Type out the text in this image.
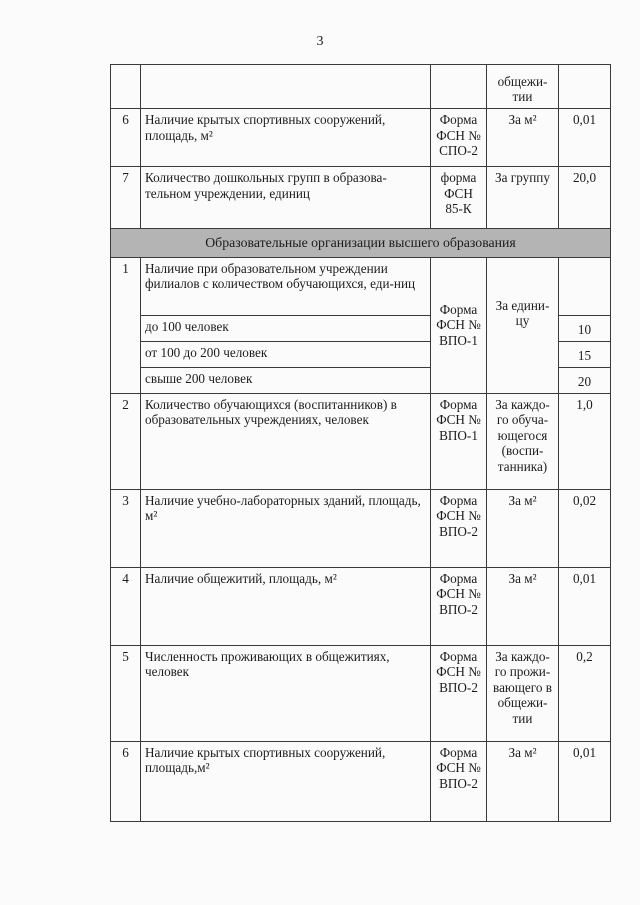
3
			общежи-тии	
6	Наличие крытых спортивных сооружений, площадь, м²	Форма ФСН № СПО-2	За м²	0,01
7	Количество дошкольных групп в образова-тельном учреждении, единиц	форма ФСН 85-К	За группу	20,0
Образовательные организации высшего образования				
1	Наличие при образовательном учреждении филиалов с количеством обучающихся, еди-ниц	Форма ФСН № ВПО-1	За едини-цу	
	до 100 человек			10
	от 100 до 200 человек			15
	свыше 200 человек			20
2	Количество обучающихся (воспитанников) в образовательных учреждениях, человек	Форма ФСН № ВПО-1	За каждо-го обуча-ющегося (воспи-танника)	1,0
3	Наличие учебно-лабораторных зданий, площадь, м²	Форма ФСН № ВПО-2	За м²	0,02
4	Наличие общежитий, площадь, м²	Форма ФСН № ВПО-2	За м²	0,01
5	Численность проживающих в общежитиях, человек	Форма ФСН № ВПО-2	За каждо-го прожи-вающего в общежи-тии	0,2
6	Наличие крытых спортивных сооружений, площадь,м²	Форма ФСН № ВПО-2	За м²	0,01
